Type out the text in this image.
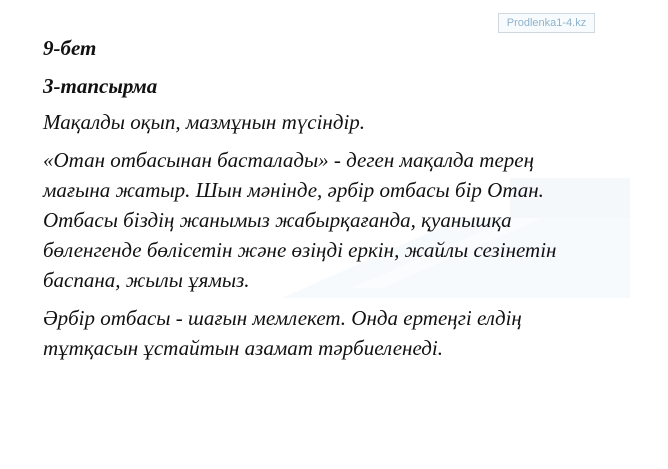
Prodlenka1-4.kz
9-бет
3-тапсырма
Мақалды оқып, мазмұнын түсіндір.
«Отан отбасынан басталады» - деген мақалда терең
мағына жатыр. Шын мәнінде, әрбір отбасы бір Отан.
Отбасы біздің жанымыз жабырқағанда, қуанышқа
бөленгенде бөлісетін және өзіңді еркін, жайлы сезінетін
баспана, жылы ұямыз.
Әрбір отбасы - шағын мемлекет. Онда ертеңгі елдің
тұтқасын ұстайтын азамат тәрбиеленеді.
